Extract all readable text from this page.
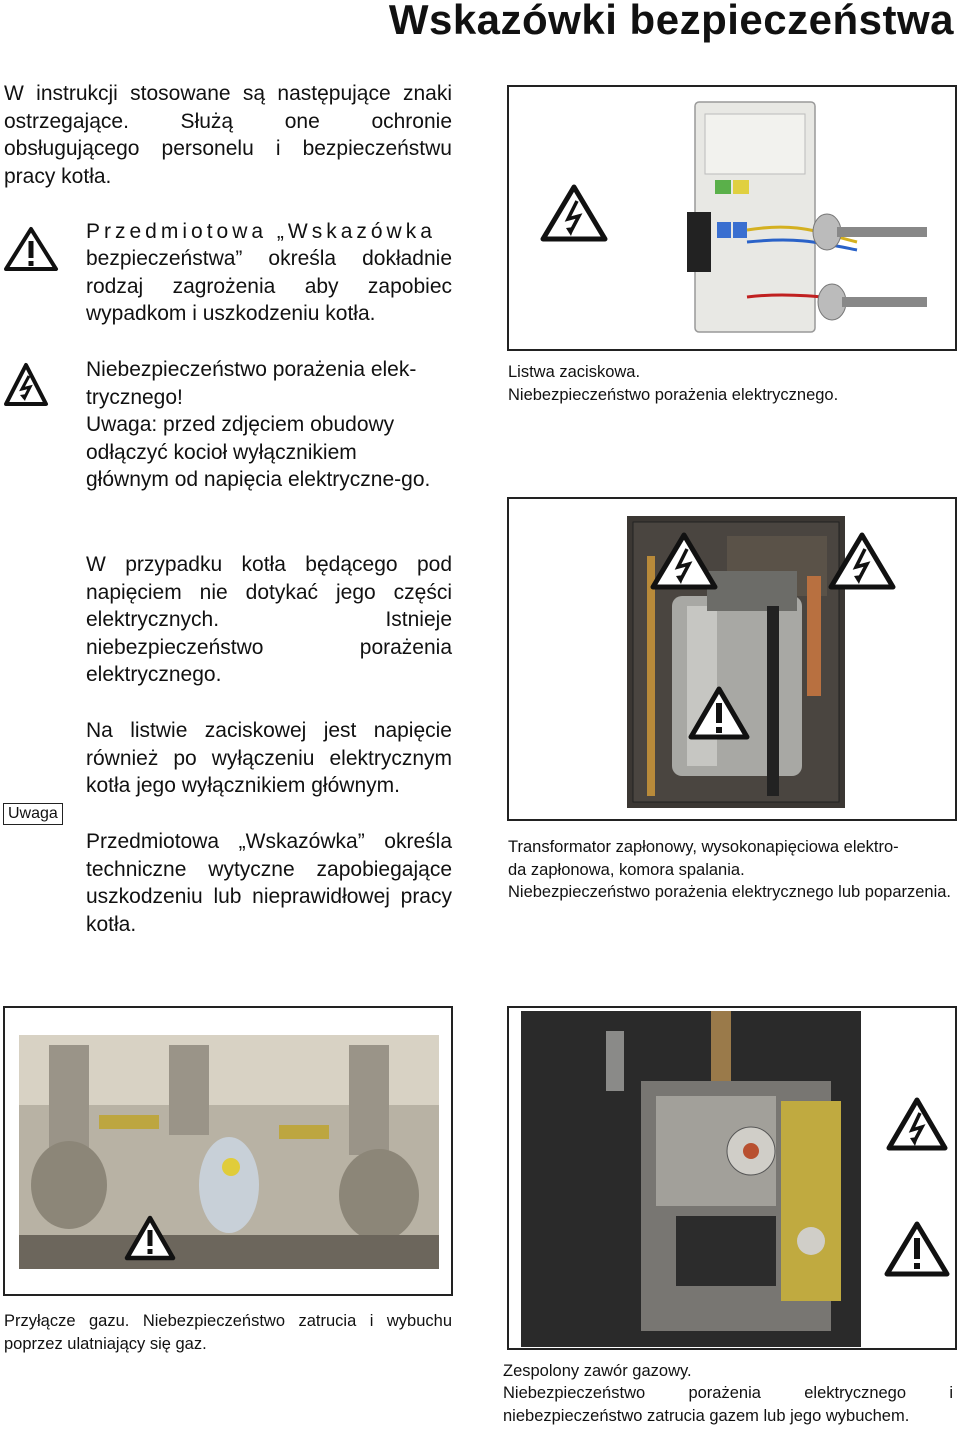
Wskazówki bezpieczeństwa
W instrukcji stosowane są następujące znaki ostrzegające. Służą one ochronie obsługującego personelu i bezpieczeństwu pracy kotła.
Przedmiotowa „Wskazówka
bezpieczeństwa” określa dokładnie rodzaj zagrożenia aby zapobiec wypadkom i uszkodzeniu kotła.
Niebezpieczeństwo porażenia elek-
trycznego!
Uwaga: przed zdjęciem obudowy odłączyć kocioł wyłącznikiem głównym od napięcia elektryczne-go.
W przypadku kotła będącego pod napięciem nie dotykać jego części elektrycznych. Istnieje niebezpieczeństwo porażenia elektrycznego.
Na listwie zaciskowej jest napięcie również po wyłączeniu elektrycznym kotła jego wyłącznikiem głównym.
Uwaga
Przedmiotowa „Wskazówka” określa techniczne wytyczne zapobiegające uszkodzeniu lub nieprawidłowej pracy kotła.
Listwa zaciskowa.
Niebezpieczeństwo porażenia elektrycznego.
Transformator zapłonowy, wysokonapięciowa elektro-
da zapłonowa, komora spalania.
Niebezpieczeństwo porażenia elektrycznego lub poparzenia.
Przyłącze gazu. Niebezpieczeństwo zatrucia i wybuchu poprzez ulatniający się gaz.
Zespolony zawór gazowy.
Niebezpieczeństwo porażenia elektrycznego i niebezpieczeństwo zatrucia gazem lub jego wybuchem.
